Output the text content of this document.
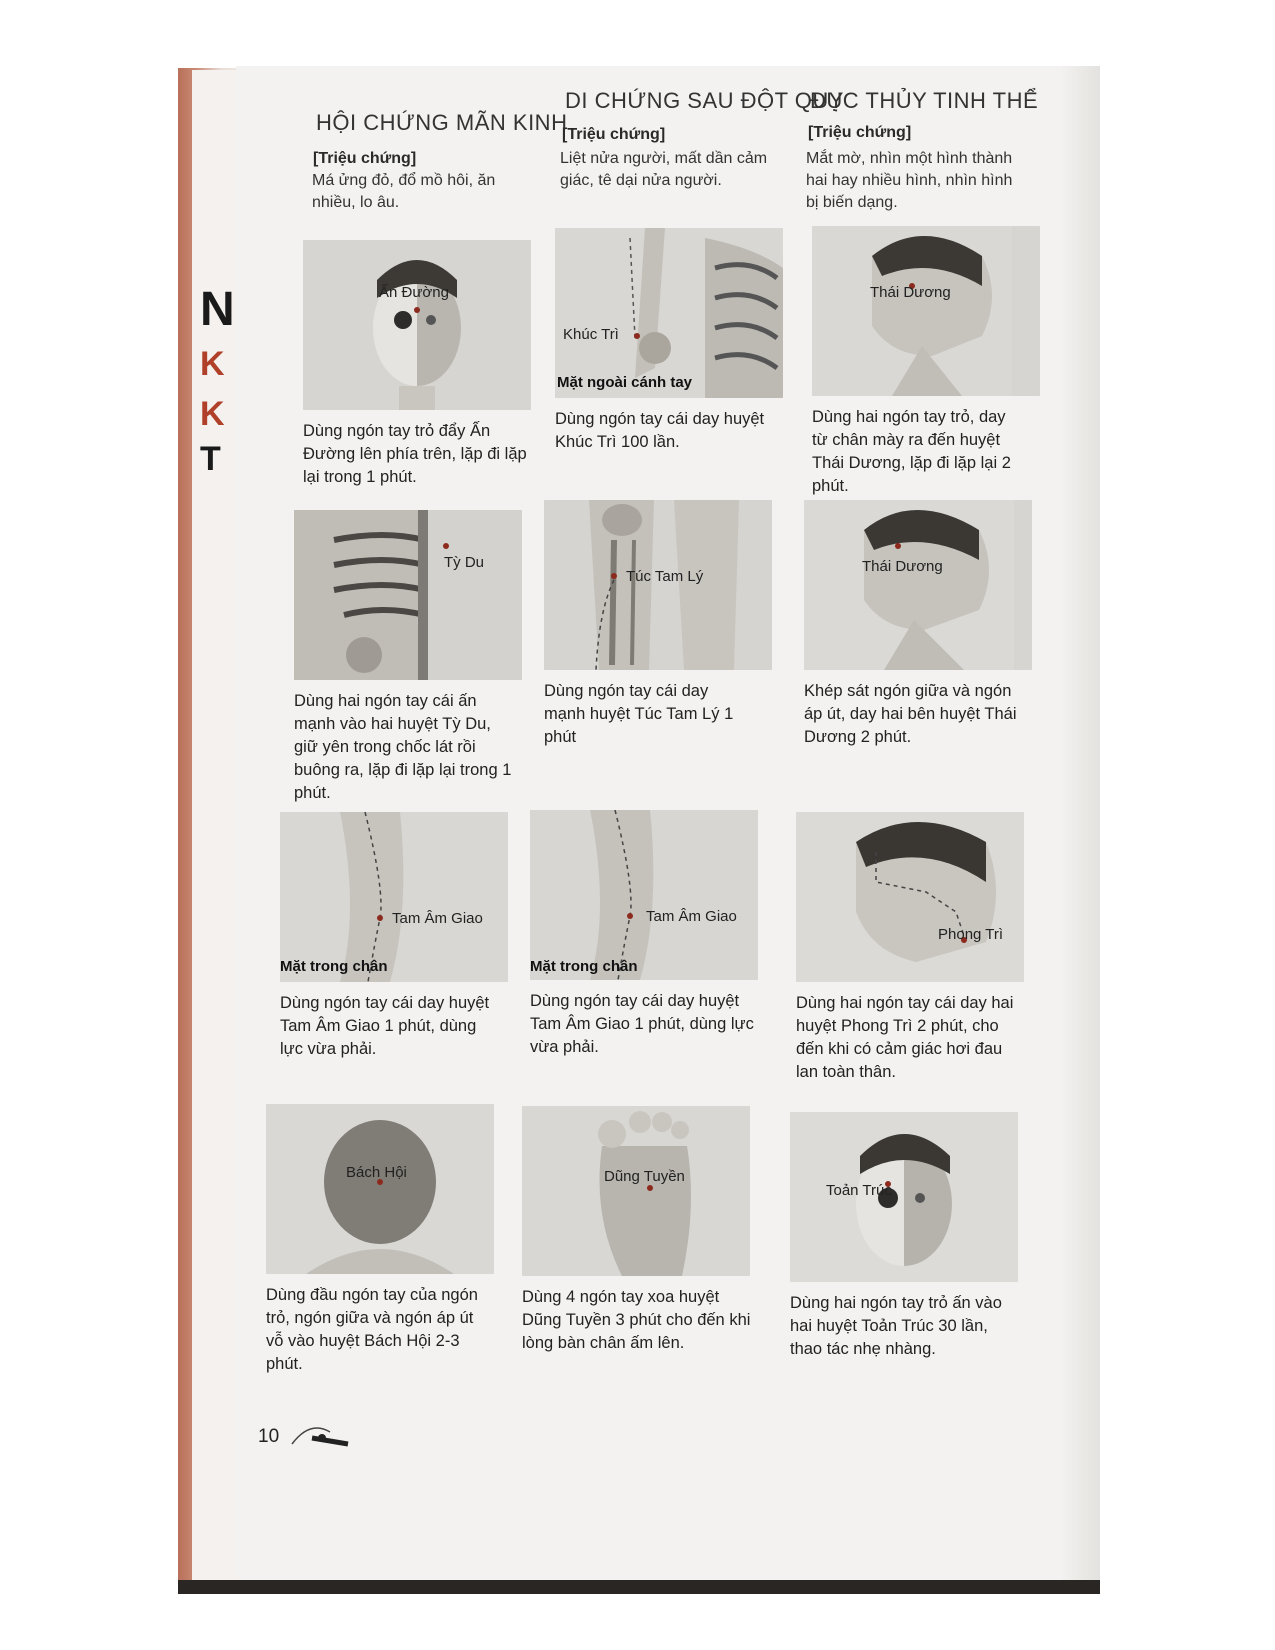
N
K
K
T
HỘI CHỨNG MÃN KINH
DI CHỨNG SAU ĐỘT QUỴ
ĐỤC THỦY TINH THỂ
[Triệu chứng]
[Triệu chứng]	[Triệu chứng]
Má ửng đỏ, đổ mồ hôi, ăn nhiều, lo âu.
Liệt nửa người, mất dần cảm giác, tê dại nửa người.
Mắt mờ, nhìn một hình thành hai hay nhiều hình, nhìn hình bị biến dạng.
Ấn Đường
Dùng ngón tay trỏ đẩy Ấn Đường lên phía trên, lặp đi lặp lại trong 1 phút.
Khúc Trì
Mặt ngoài cánh tay
Dùng ngón tay cái day huyệt Khúc Trì 100 lần.
Thái Dương
Dùng hai ngón tay trỏ, day từ chân mày ra đến huyệt Thái Dương, lặp đi lặp lại 2 phút.
Tỳ Du
Dùng hai ngón tay cái ấn mạnh vào hai huyệt Tỳ Du, giữ yên trong chốc lát rồi buông ra, lặp đi lặp lại trong 1 phút.
Túc Tam Lý
Dùng ngón tay cái day mạnh huyệt Túc Tam Lý 1 phút
Thái Dương
Khép sát ngón giữa và ngón áp út, day hai bên huyệt Thái Dương 2 phút.
Tam Âm Giao
Mặt trong chân
Dùng ngón tay cái day huyệt Tam Âm Giao 1 phút, dùng lực vừa phải.
Tam Âm Giao
Mặt trong chân
Dùng ngón tay cái day huyệt Tam Âm Giao 1 phút, dùng lực vừa phải.
Phong Trì
Dùng hai ngón tay cái day hai huyệt Phong Trì 2 phút, cho đến khi có cảm giác hơi đau lan toàn thân.
Bách Hội
Dùng đầu ngón tay của ngón trỏ, ngón giữa và ngón áp út vỗ vào huyệt Bách Hội 2-3 phút.
Dũng Tuyền
Dùng 4 ngón tay xoa huyệt Dũng Tuyền 3 phút cho đến khi lòng bàn chân ấm lên.
Toản Trúc
Dùng hai ngón tay trỏ ấn vào hai huyệt Toản Trúc 30 lần, thao tác nhẹ nhàng.
10
